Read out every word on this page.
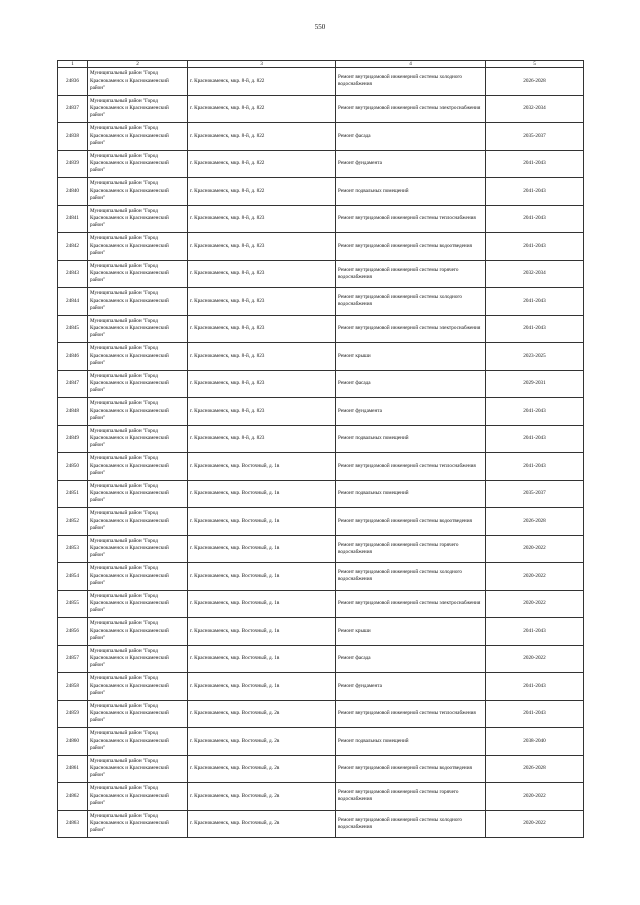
550
1	2	3	4	5
24836	Муниципальный район "Город Краснокаменск и Краснокаменский район"	г. Краснокаменск, мкр. 8-й, д. 822	Ремонт внутридомовой инженерной системы холодного водоснабжения	2026-2028
24837	Муниципальный район "Город Краснокаменск и Краснокаменский район"	г. Краснокаменск, мкр. 8-й, д. 822	Ремонт внутридомовой инженерной системы электроснабжения	2032-2034
24838	Муниципальный район "Город Краснокаменск и Краснокаменский район"	г. Краснокаменск, мкр. 8-й, д. 822	Ремонт фасада	2035-2037
24839	Муниципальный район "Город Краснокаменск и Краснокаменский район"	г. Краснокаменск, мкр. 8-й, д. 822	Ремонт фундамента	2041-2043
24840	Муниципальный район "Город Краснокаменск и Краснокаменский район"	г. Краснокаменск, мкр. 8-й, д. 822	Ремонт подвальных помещений	2041-2043
24841	Муниципальный район "Город Краснокаменск и Краснокаменский район"	г. Краснокаменск, мкр. 8-й, д. 823	Ремонт внутридомовой инженерной системы теплоснабжения	2041-2043
24842	Муниципальный район "Город Краснокаменск и Краснокаменский район"	г. Краснокаменск, мкр. 8-й, д. 823	Ремонт внутридомовой инженерной системы водоотведения	2041-2043
24843	Муниципальный район "Город Краснокаменск и Краснокаменский район"	г. Краснокаменск, мкр. 8-й, д. 823	Ремонт внутридомовой инженерной системы горячего водоснабжения	2032-2034
24844	Муниципальный район "Город Краснокаменск и Краснокаменский район"	г. Краснокаменск, мкр. 8-й, д. 823	Ремонт внутридомовой инженерной системы холодного водоснабжения	2041-2043
24845	Муниципальный район "Город Краснокаменск и Краснокаменский район"	г. Краснокаменск, мкр. 8-й, д. 823	Ремонт внутридомовой инженерной системы электроснабжения	2041-2043
24846	Муниципальный район "Город Краснокаменск и Краснокаменский район"	г. Краснокаменск, мкр. 8-й, д. 823	Ремонт крыши	2023-2025
24847	Муниципальный район "Город Краснокаменск и Краснокаменский район"	г. Краснокаменск, мкр. 8-й, д. 823	Ремонт фасада	2029-2031
24848	Муниципальный район "Город Краснокаменск и Краснокаменский район"	г. Краснокаменск, мкр. 8-й, д. 823	Ремонт фундамента	2041-2043
24849	Муниципальный район "Город Краснокаменск и Краснокаменский район"	г. Краснокаменск, мкр. 8-й, д. 823	Ремонт подвальных помещений	2041-2043
24850	Муниципальный район "Город Краснокаменск и Краснокаменский район"	г. Краснокаменск, мкр. Восточный, д. 1в	Ремонт внутридомовой инженерной системы теплоснабжения	2041-2043
24851	Муниципальный район "Город Краснокаменск и Краснокаменский район"	г. Краснокаменск, мкр. Восточный, д. 1в	Ремонт подвальных помещений	2035-2037
24852	Муниципальный район "Город Краснокаменск и Краснокаменский район"	г. Краснокаменск, мкр. Восточный, д. 1в	Ремонт внутридомовой инженерной системы водоотведения	2026-2028
24853	Муниципальный район "Город Краснокаменск и Краснокаменский район"	г. Краснокаменск, мкр. Восточный, д. 1в	Ремонт внутридомовой инженерной системы горячего водоснабжения	2020-2022
24854	Муниципальный район "Город Краснокаменск и Краснокаменский район"	г. Краснокаменск, мкр. Восточный, д. 1в	Ремонт внутридомовой инженерной системы холодного водоснабжения	2020-2022
24855	Муниципальный район "Город Краснокаменск и Краснокаменский район"	г. Краснокаменск, мкр. Восточный, д. 1в	Ремонт внутридомовой инженерной системы электроснабжения	2020-2022
24856	Муниципальный район "Город Краснокаменск и Краснокаменский район"	г. Краснокаменск, мкр. Восточный, д. 1в	Ремонт крыши	2041-2043
24857	Муниципальный район "Город Краснокаменск и Краснокаменский район"	г. Краснокаменск, мкр. Восточный, д. 1в	Ремонт фасада	2020-2022
24858	Муниципальный район "Город Краснокаменск и Краснокаменский район"	г. Краснокаменск, мкр. Восточный, д. 1в	Ремонт фундамента	2041-2043
24859	Муниципальный район "Город Краснокаменск и Краснокаменский район"	г. Краснокаменск, мкр. Восточный, д. 2в	Ремонт внутридомовой инженерной системы теплоснабжения	2041-2043
24860	Муниципальный район "Город Краснокаменск и Краснокаменский район"	г. Краснокаменск, мкр. Восточный, д. 2в	Ремонт подвальных помещений	2038-2040
24861	Муниципальный район "Город Краснокаменск и Краснокаменский район"	г. Краснокаменск, мкр. Восточный, д. 2в	Ремонт внутридомовой инженерной системы водоотведения	2026-2028
24862	Муниципальный район "Город Краснокаменск и Краснокаменский район"	г. Краснокаменск, мкр. Восточный, д. 2в	Ремонт внутридомовой инженерной системы горячего водоснабжения	2020-2022
24863	Муниципальный район "Город Краснокаменск и Краснокаменский район"	г. Краснокаменск, мкр. Восточный, д. 2в	Ремонт внутридомовой инженерной системы холодного водоснабжения	2020-2022
